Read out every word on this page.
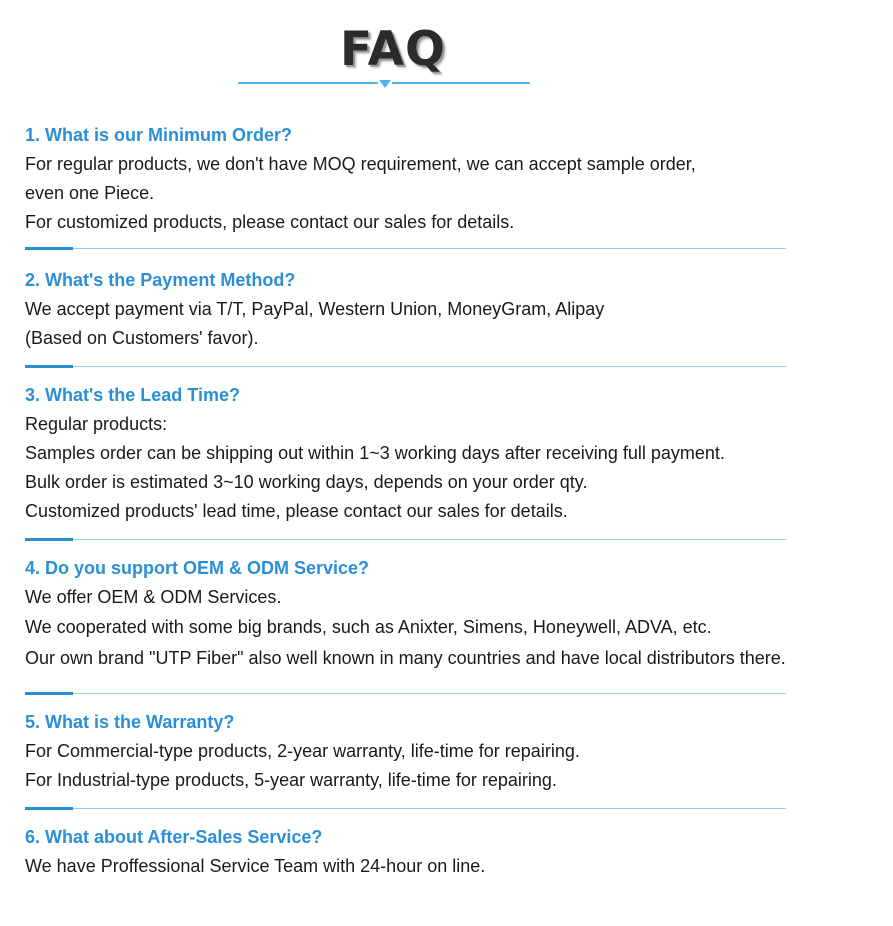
FAQ
1. What is our Minimum Order?
For regular products, we don't have MOQ requirement, we can accept sample order,
even one Piece.
For customized products, please contact our sales for details.
2. What's the Payment Method?
We accept payment via T/T, PayPal, Western Union, MoneyGram, Alipay
(Based on Customers' favor).
3. What's the Lead Time?
Regular products:
Samples order can be shipping out within 1~3 working days after receiving full payment.
Bulk order is estimated 3~10 working days, depends on your order qty.
Customized products' lead time, please contact our sales for details.
4. Do you support OEM & ODM Service?
We offer OEM & ODM Services.
We cooperated with some big brands, such as Anixter, Simens, Honeywell, ADVA, etc.
Our own brand "UTP Fiber" also well known in many countries and have local distributors there.
5. What is the Warranty?
For Commercial-type products, 2-year warranty, life-time for repairing.
For Industrial-type products, 5-year warranty, life-time for repairing.
6. What about After-Sales Service?
We have Proffessional Service Team with 24-hour on line.
